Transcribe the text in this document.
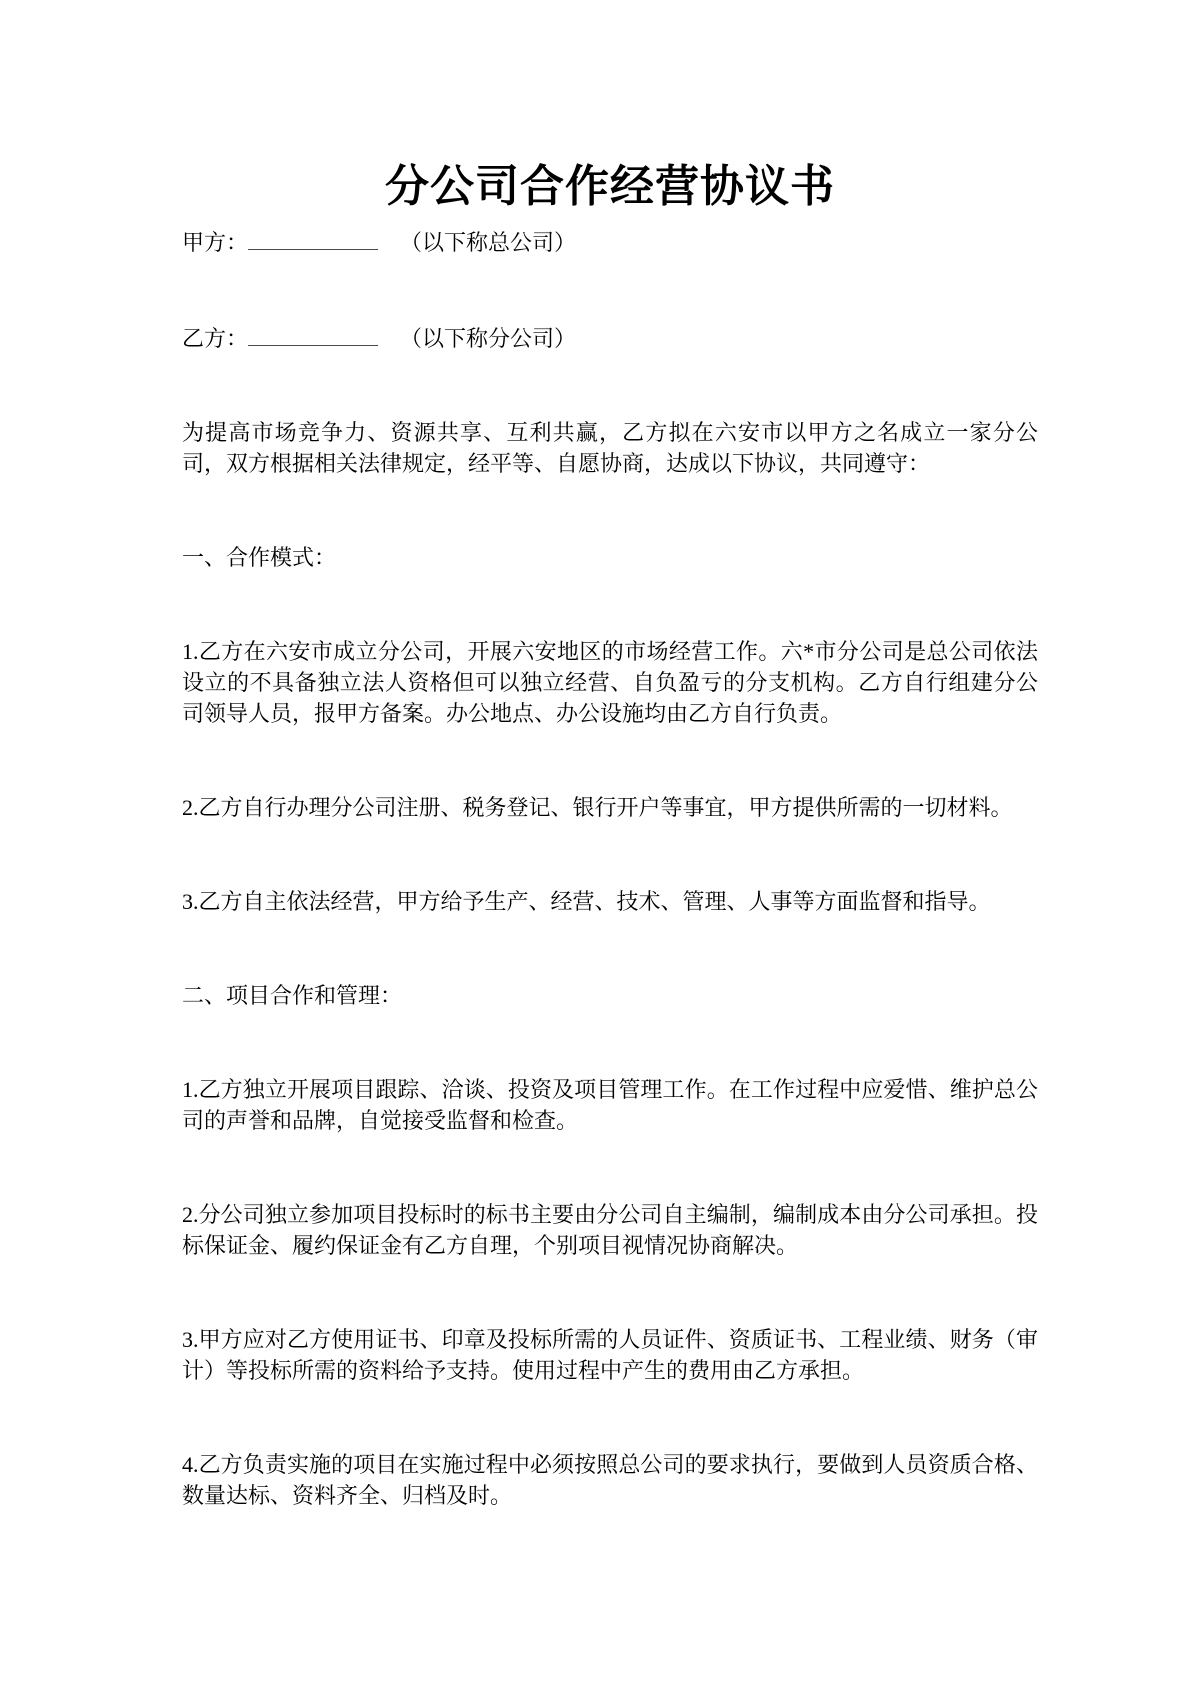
分公司合作经营协议书

甲方：	（以下称总公司）

乙方：	（以下称分公司）

为提高市场竞争力、资源共享、互利共赢，乙方拟在六安市以甲方之名成立一家分公司，双方根据相关法律规定，经平等、自愿协商，达成以下协议，共同遵守：

一、合作模式：

1.乙方在六安市成立分公司，开展六安地区的市场经营工作。六*市分公司是总公司依法设立的不具备独立法人资格但可以独立经营、自负盈亏的分支机构。乙方自行组建分公司领导人员，报甲方备案。办公地点、办公设施均由乙方自行负责。

2.乙方自行办理分公司注册、税务登记、银行开户等事宜，甲方提供所需的一切材料。

3.乙方自主依法经营，甲方给予生产、经营、技术、管理、人事等方面监督和指导。

二、项目合作和管理：

1.乙方独立开展项目跟踪、洽谈、投资及项目管理工作。在工作过程中应爱惜、维护总公司的声誉和品牌，自觉接受监督和检查。

2.分公司独立参加项目投标时的标书主要由分公司自主编制，编制成本由分公司承担。投标保证金、履约保证金有乙方自理，个别项目视情况协商解决。

3.甲方应对乙方使用证书、印章及投标所需的人员证件、资质证书、工程业绩、财务（审计）等投标所需的资料给予支持。使用过程中产生的费用由乙方承担。

4.乙方负责实施的项目在实施过程中必须按照总公司的要求执行，要做到人员资质合格、数量达标、资料齐全、归档及时。
